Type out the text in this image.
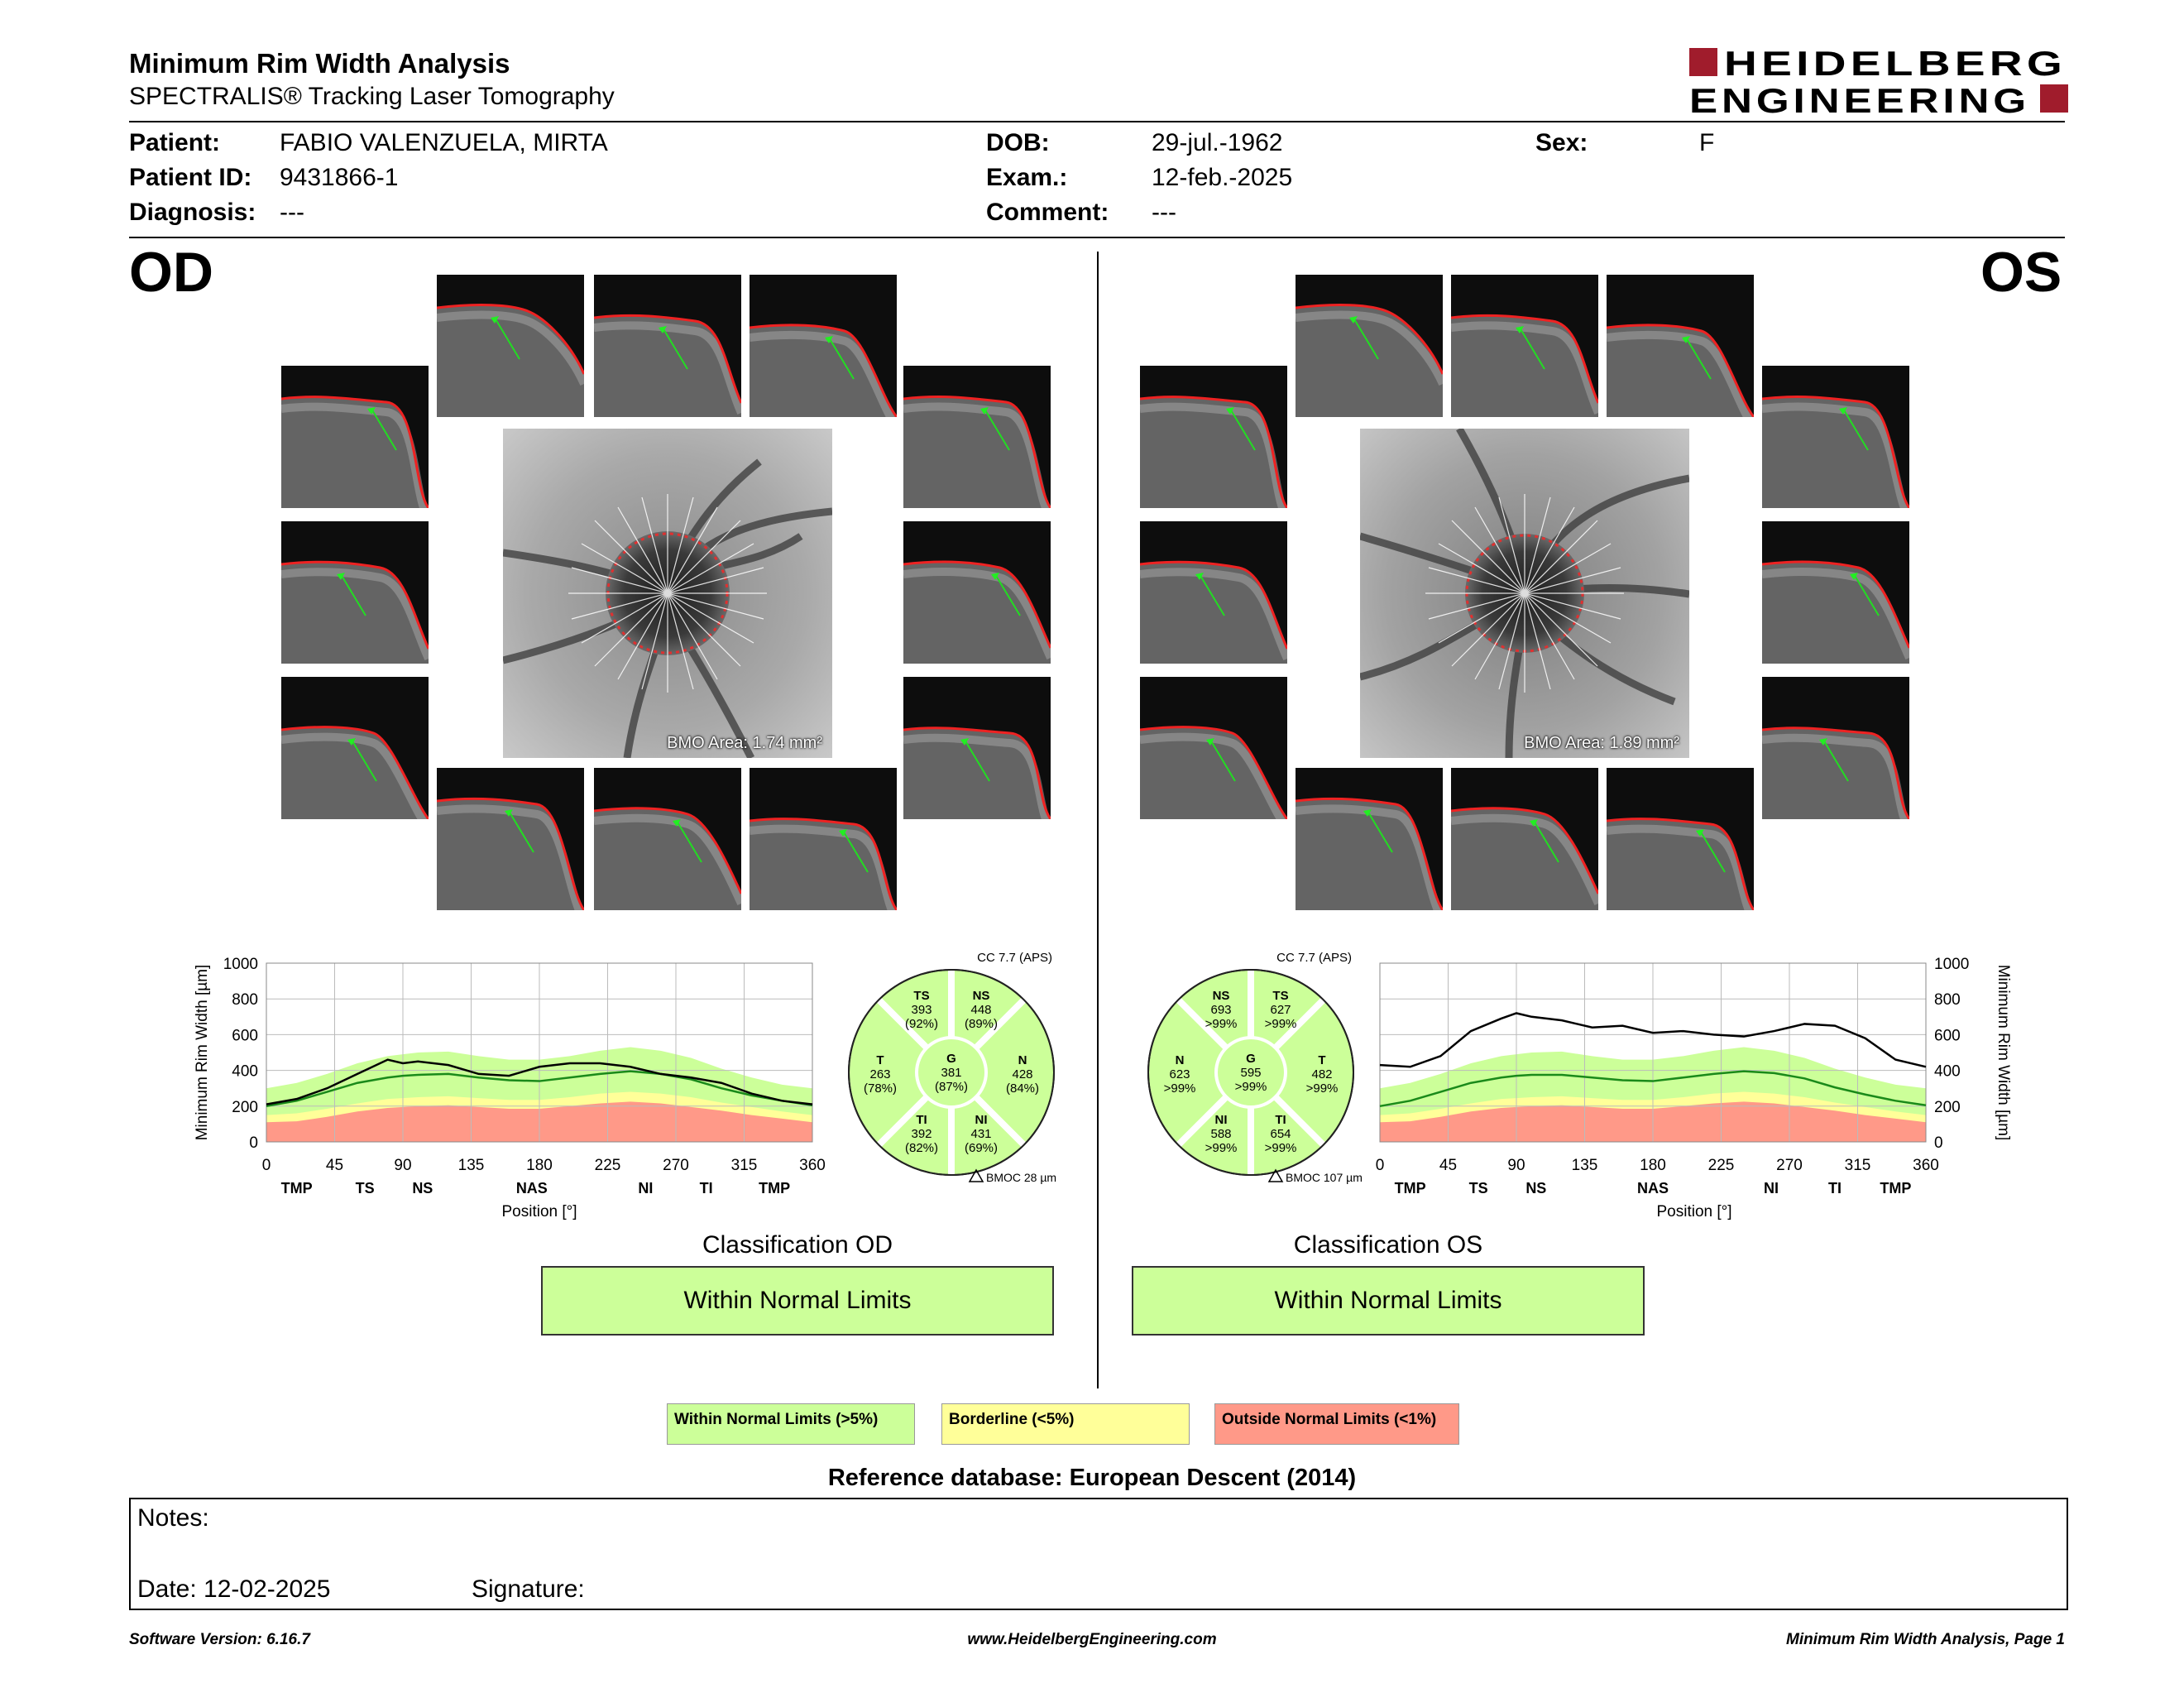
Minimum Rim Width Analysis
SPECTRALIS® Tracking Laser Tomography
HEIDELBERG
ENGINEERING
Patient: FABIO VALENZUELA, MIRTA
Patient ID: 9431866-1
Diagnosis: ---
DOB:	29-jul.-1962
Exam.:	12-feb.-2025
Comment: ---
Sex:	F
OD	OS
BMO Area: 1.74 mm²	BMO Area: 1.89 mm²
0	45	90	135	180	225	270	315	360
0
200
400
600
800
1000
TMP	TS	NS	NAS	NI	TI	TMP
Position [°]
Minimum Rim Width [µm]
0	45	90	135	180	225	270	315	360
0
200
400
600
800
1000
TMP	TS	NS	NAS	NI	TI	TMP
Position [°]
Minimum Rim Width [µm]
TS
393
(92%)
NS
448
(89%)
T
263
(78%)
G
381
(87%)
N
428
(84%)
TI
392
(82%)
NI
431
(69%)
CC 7.7 (APS)
BMOC 28 µm
NS
693
>99%
TS
627
>99%
N
623
>99%
G
595
>99%
T
482
>99%
NI
588
>99%
TI
654
>99%
CC 7.7 (APS)
BMOC 107 µm
Classification OD
Within Normal Limits
Classification OS
Within Normal Limits
Within Normal Limits (>5%)	Borderline (<5%)	Outside Normal Limits (<1%)
Reference database: European Descent (2014)
Notes:
Date: 12-02-2025	Signature:
Software Version: 6.16.7	www.HeidelbergEngineering.com	Minimum Rim Width Analysis, Page 1
